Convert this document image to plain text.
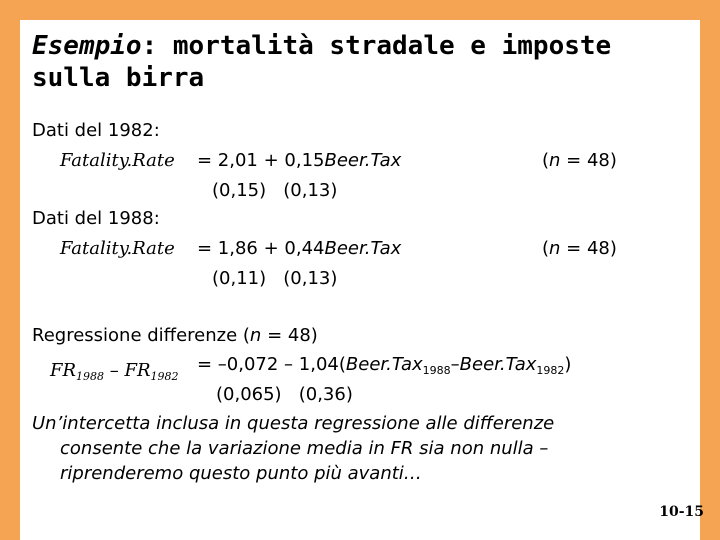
Esempio: mortalità stradale e imposte
sulla birra
Dati del 1982:
Fatality.Rate = 2,01 + 0,15Beer.Tax	(n = 48)
(0,15)   (0,13)
Dati del 1988:
Fatality.Rate = 1,86 + 0,44Beer.Tax	(n = 48)
(0,11)   (0,13)
Regressione differenze (n = 48)
$FR_{1988} - FR_{1982}$
= –0,072 – 1,04(Beer.Tax$_{1988}$–Beer.Tax$_{1982}$)
(0,065)   (0,36)
Un’intercetta inclusa in questa regressione alle differenze
consente che la variazione media in FR sia non nulla –
riprenderemo questo punto più avanti…
10-15
